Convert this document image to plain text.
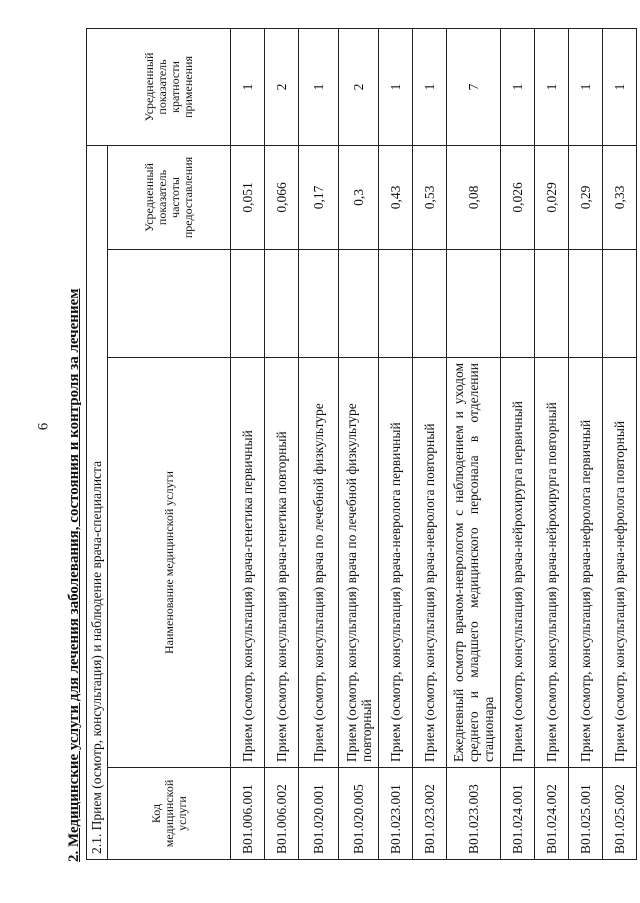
6 2. Медицинские услуги для лечения заболевания, состояния и контроля за лечением 2.1. Прием (осмотр, консультация) и наблюдение врача-специалиста				
Код медицинской услуги	Наименование медицинской услуги		Усредненный показатель частоты предоставления	Усредненный показатель кратности применения
B01.006.001	Прием (осмотр, консультация) врача-генетика первичный		0,051	1
B01.006.002	Прием (осмотр, консультация) врача-генетика повторный		0,066	2
B01.020.001	Прием (осмотр, консультация) врача по лечебной физкультуре		0,17	1
B01.020.005	Прием (осмотр, консультация) врача по лечебной физкультуре повторный		0,3	2
B01.023.001	Прием (осмотр, консультация) врача-невролога первичный		0,43	1
B01.023.002	Прием (осмотр, консультация) врача-невролога повторный		0,53	1
B01.023.003	Ежедневный осмотр врачом-неврологом с наблюдением и уходом среднего и младшего медицинского персонала в отделении стационара		0,08	7
B01.024.001	Прием (осмотр, консультация) врача-нейрохирурга первичный		0,026	1
B01.024.002	Прием (осмотр, консультация) врача-нейрохирурга повторный		0,029	1
B01.025.001	Прием (осмотр, консультация) врача-нефролога первичный		0,29	1
B01.025.002	Прием (осмотр, консультация) врача-нефролога повторный		0,33	1
